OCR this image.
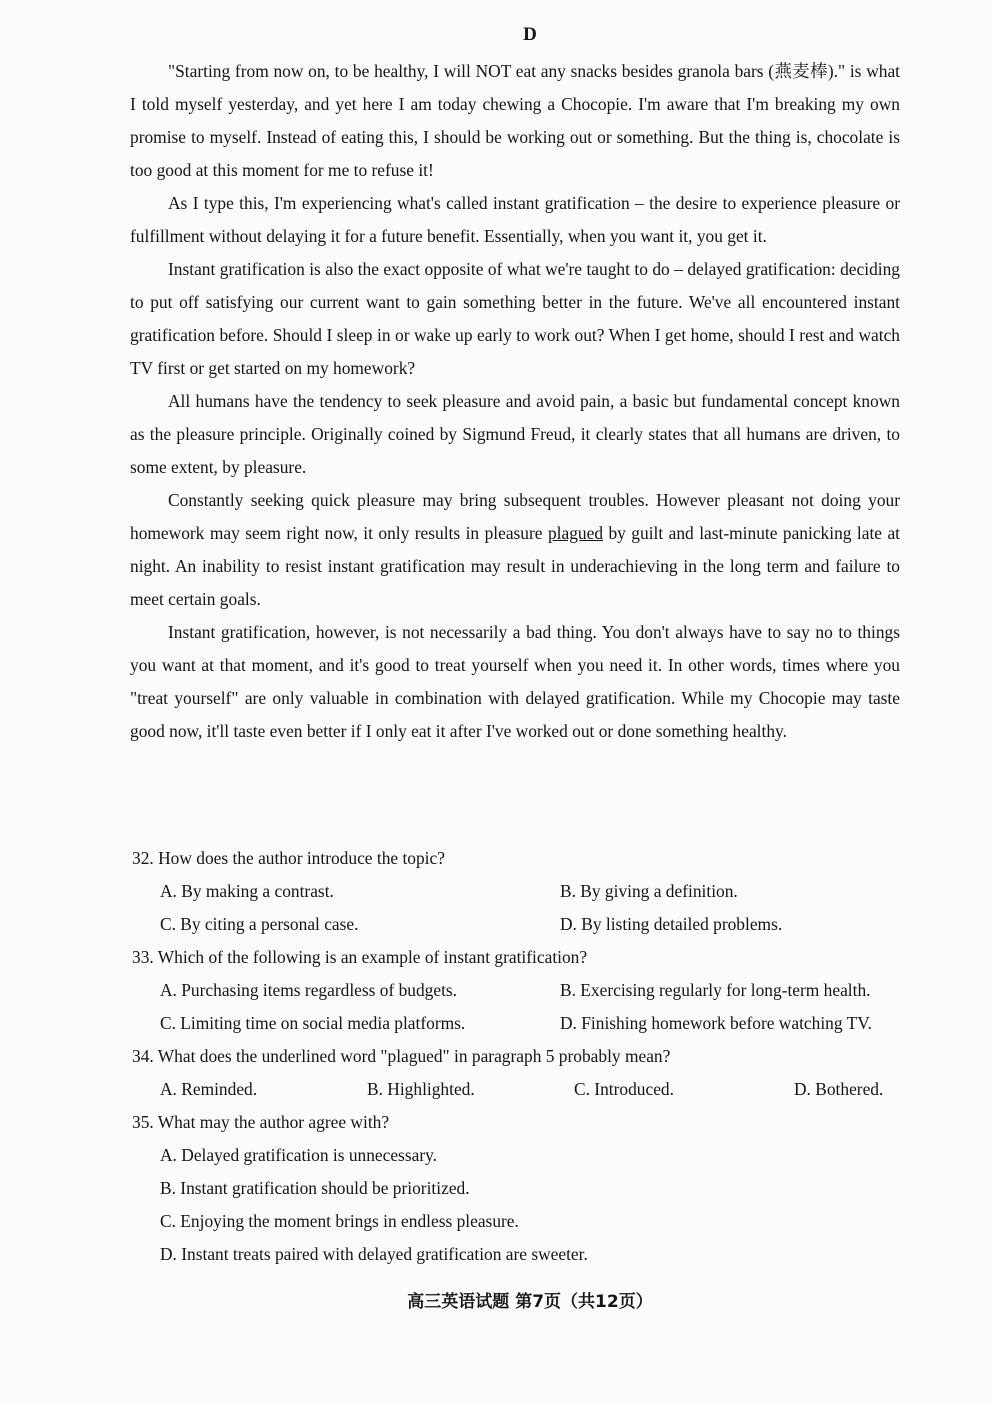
D

"Starting from now on, to be healthy, I will NOT eat any snacks besides granola bars (燕麦棒)." is what I told myself yesterday, and yet here I am today chewing a Chocopie. I'm aware that I'm breaking my own promise to myself. Instead of eating this, I should be working out or something. But the thing is, chocolate is too good at this moment for me to refuse it!

As I type this, I'm experiencing what's called instant gratification – the desire to experience pleasure or fulfillment without delaying it for a future benefit. Essentially, when you want it, you get it.

Instant gratification is also the exact opposite of what we're taught to do – delayed gratification: deciding to put off satisfying our current want to gain something better in the future. We've all encountered instant gratification before. Should I sleep in or wake up early to work out? When I get home, should I rest and watch TV first or get started on my homework?

All humans have the tendency to seek pleasure and avoid pain, a basic but fundamental concept known as the pleasure principle. Originally coined by Sigmund Freud, it clearly states that all humans are driven, to some extent, by pleasure.

Constantly seeking quick pleasure may bring subsequent troubles. However pleasant not doing your homework may seem right now, it only results in pleasure plagued by guilt and last-minute panicking late at night. An inability to resist instant gratification may result in underachieving in the long term and failure to meet certain goals.

Instant gratification, however, is not necessarily a bad thing. You don't always have to say no to things you want at that moment, and it's good to treat yourself when you need it. In other words, times where you "treat yourself" are only valuable in combination with delayed gratification. While my Chocopie may taste good now, it'll taste even better if I only eat it after I've worked out or done something healthy.

32. How does the author introduce the topic?
A. By making a contrast.	B. By giving a definition.
C. By citing a personal case.	D. By listing detailed problems.
33. Which of the following is an example of instant gratification?
A. Purchasing items regardless of budgets.	B. Exercising regularly for long-term health.
C. Limiting time on social media platforms.	D. Finishing homework before watching TV.
34. What does the underlined word "plagued" in paragraph 5 probably mean?
A. Reminded.	B. Highlighted.	C. Introduced.	D. Bothered.
35. What may the author agree with?
A. Delayed gratification is unnecessary.
B. Instant gratification should be prioritized.
C. Enjoying the moment brings in endless pleasure.
D. Instant treats paired with delayed gratification are sweeter.
高三英语试题 第7页（共12页）
